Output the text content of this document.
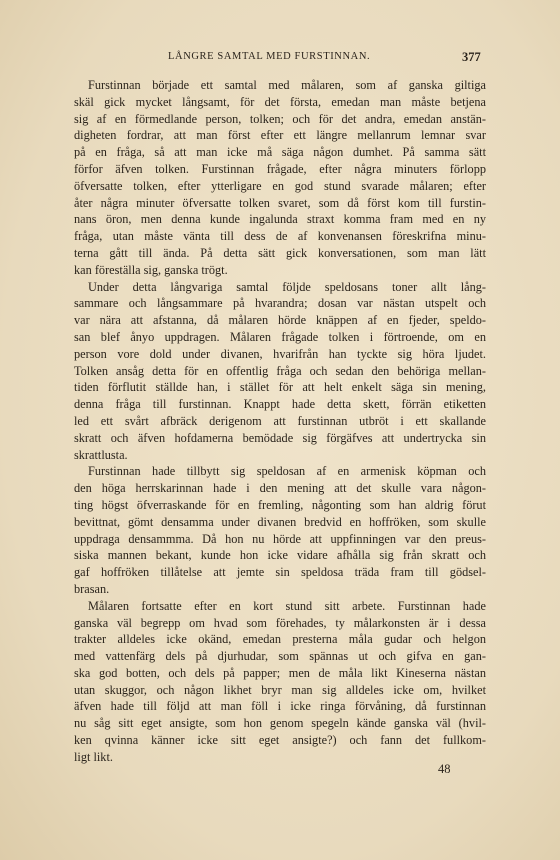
LÅNGRE SAMTAL MED FURSTINNAN.	377

Furstinnan började ett samtal med målaren, som af ganska giltiga
skäl gick mycket långsamt, för det första, emedan man måste betjena
sig af en förmedlande person, tolken; och för det andra, emedan anstän-
digheten fordrar, att man först efter ett längre mellanrum lemnar svar
på en fråga, så att man icke må säga någon dumhet. På samma sätt
förfor äfven tolken. Furstinnan frågade, efter några minuters förlopp
öfversatte tolken, efter ytterligare en god stund svarade målaren; efter
åter några minuter öfversatte tolken svaret, som då först kom till furstin-
nans öron, men denna kunde ingalunda straxt komma fram med en ny
fråga, utan måste vänta till dess de af konvenansen föreskrifna minu-
terna gått till ända. På detta sätt gick konversationen, som man lätt
kan föreställa sig, ganska trögt.

Under detta långvariga samtal följde speldosans toner allt lång-
sammare och långsammare på hvarandra; dosan var nästan utspelt och
var nära att afstanna, då målaren hörde knäppen af en fjeder, speldo-
san blef ånyo uppdragen. Målaren frågade tolken i förtroende, om en
person vore dold under divanen, hvarifrån han tyckte sig höra ljudet.
Tolken ansåg detta för en offentlig fråga och sedan den behöriga mellan-
tiden förflutit ställde han, i stället för att helt enkelt säga sin mening,
denna fråga till furstinnan. Knappt hade detta skett, förrän etiketten
led ett svårt afbräck derigenom att furstinnan utbröt i ett skallande
skratt och äfven hofdamerna bemödade sig förgäfves att undertrycka sin
skrattlusta.

Furstinnan hade tillbytt sig speldosan af en armenisk köpman och
den höga herrskarinnan hade i den mening att det skulle vara någon-
ting högst öfverraskande för en fremling, någonting som han aldrig förut
bevittnat, gömt densamma under divanen bredvid en hoffröken, som skulle
uppdraga densammma. Då hon nu hörde att uppfinningen var den preus-
siska mannen bekant, kunde hon icke vidare afhålla sig från skratt och
gaf hoffröken tillåtelse att jemte sin speldosa träda fram till gödsel-
brasan.

Målaren fortsatte efter en kort stund sitt arbete. Furstinnan hade
ganska väl begrepp om hvad som förehades, ty målarkonsten är i dessa
trakter alldeles icke okänd, emedan presterna måla gudar och helgon
med vattenfärg dels på djurhudar, som spännas ut och gifva en gan-
ska god botten, och dels på papper; men de måla likt Kineserna nästan
utan skuggor, och någon likhet bryr man sig alldeles icke om, hvilket
äfven hade till följd att man föll i icke ringa förvåning, då furstinnan
nu såg sitt eget ansigte, som hon genom spegeln kände ganska väl (hvil-
ken qvinna känner icke sitt eget ansigte?) och fann det fullkom-
ligt likt.

48
